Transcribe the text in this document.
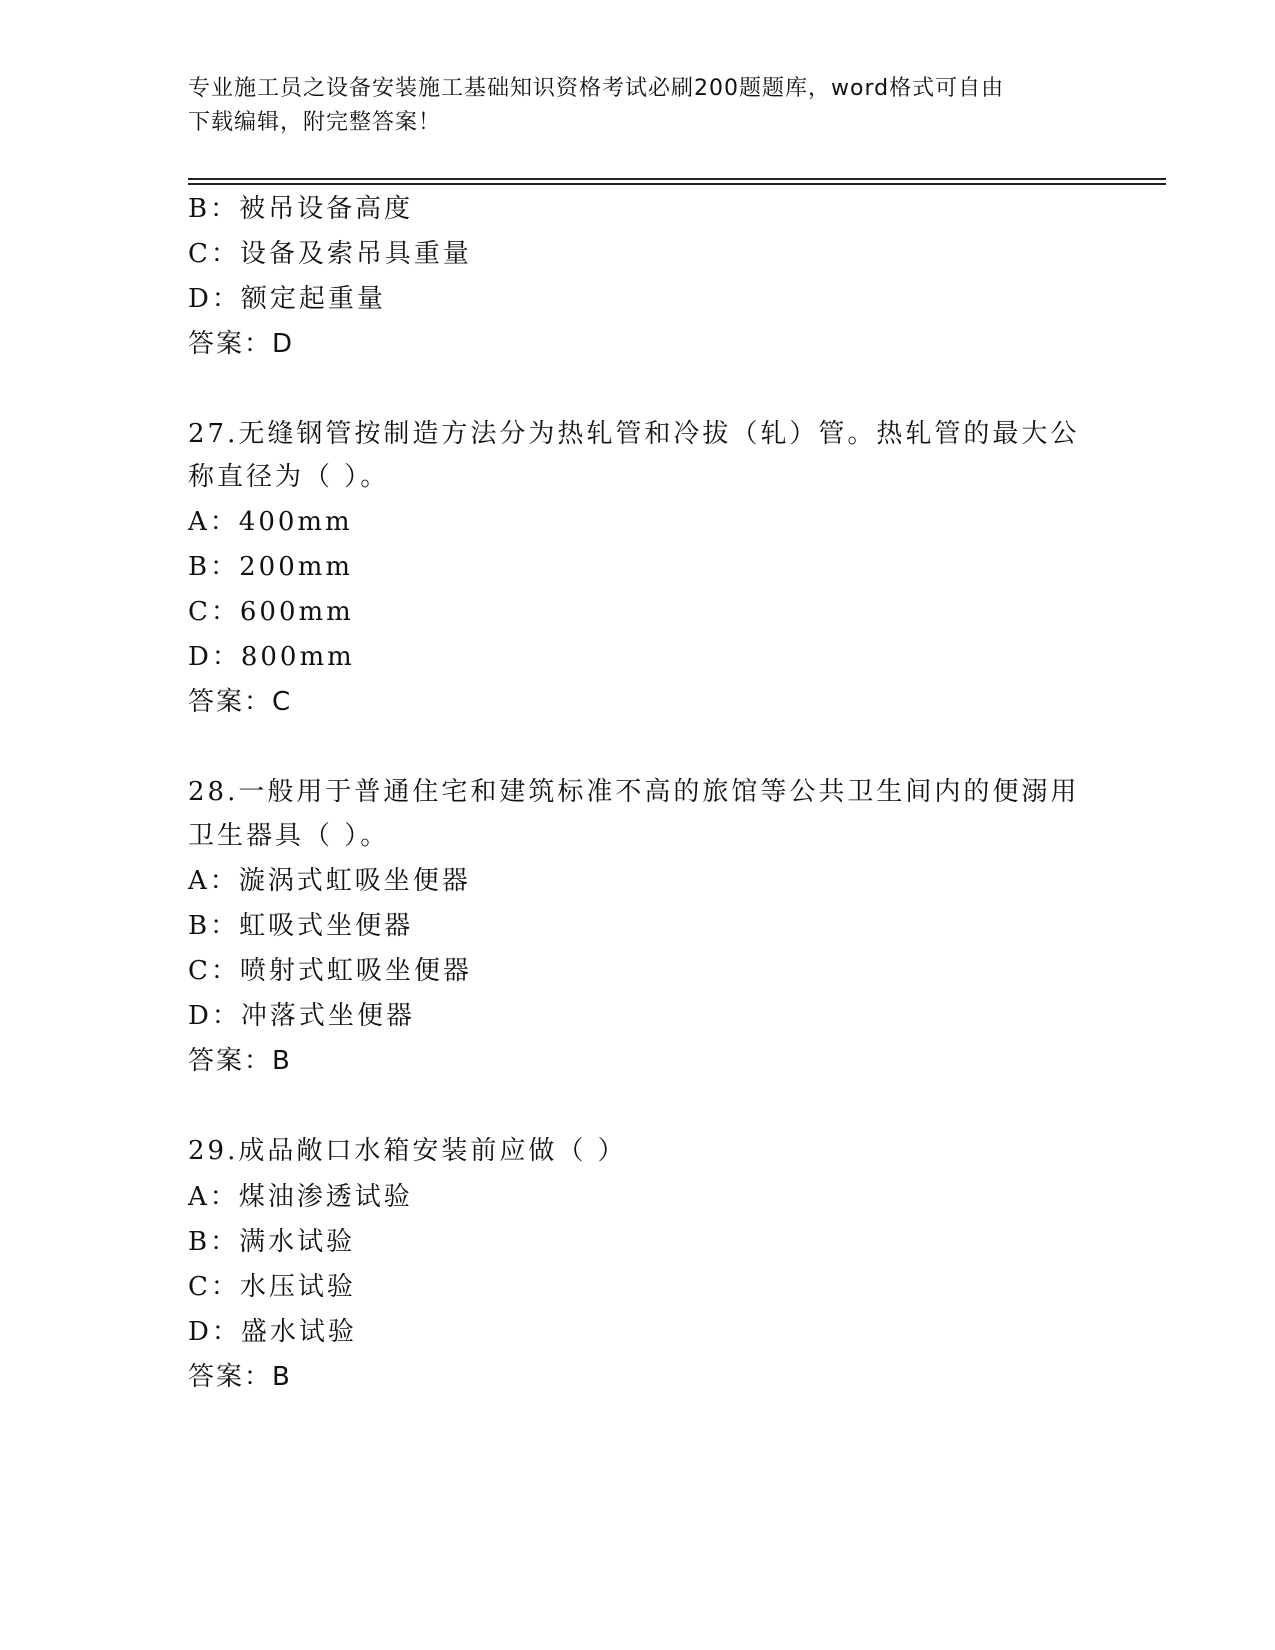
专业施工员之设备安装施工基础知识资格考试必刷200题题库，word格式可自由
下载编辑，附完整答案！
B：被吊设备高度
C：设备及索吊具重量
D：额定起重量
答案：D
27.无缝钢管按制造方法分为热轧管和冷拔（轧）管。热轧管的最大公
称直径为（ ）。
A：400mm
B：200mm
C：600mm
D：800mm
答案：C
28.一般用于普通住宅和建筑标准不高的旅馆等公共卫生间内的便溺用
卫生器具（ ）。
A：漩涡式虹吸坐便器
B：虹吸式坐便器
C：喷射式虹吸坐便器
D：冲落式坐便器
答案：B
29.成品敞口水箱安装前应做（ ）
A：煤油渗透试验
B：满水试验
C：水压试验
D：盛水试验
答案：B
